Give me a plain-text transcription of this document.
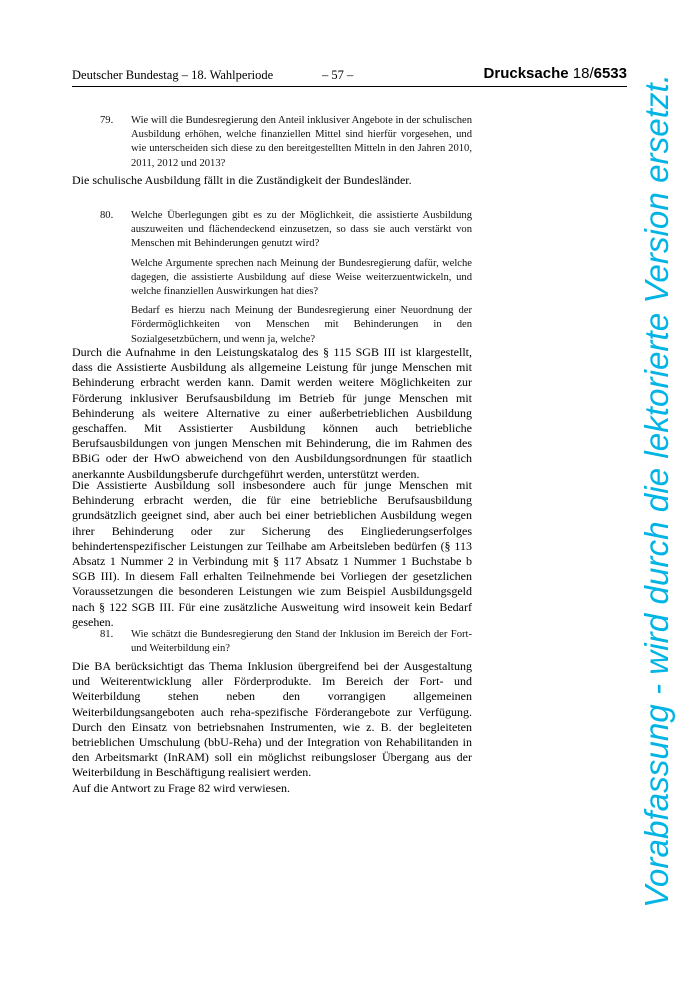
Deutscher Bundestag – 18. Wahlperiode	– 57 –	Drucksache 18/6533
79. Wie will die Bundesregierung den Anteil inklusiver Angebote in der schulischen Ausbildung erhöhen, welche finanziellen Mittel sind hierfür vorgesehen, und wie unterscheiden sich diese zu den bereitgestellten Mitteln in den Jahren 2010, 2011, 2012 und 2013?

Die schulische Ausbildung fällt in die Zuständigkeit der Bundesländer.

80. Welche Überlegungen gibt es zu der Möglichkeit, die assistierte Ausbildung auszuweiten und flächendeckend einzusetzen, so dass sie auch verstärkt von Menschen mit Behinderungen genutzt wird?

Welche Argumente sprechen nach Meinung der Bundesregierung dafür, welche dagegen, die assistierte Ausbildung auf diese Weise weiterzuentwickeln, und welche finanziellen Auswirkungen hat dies?

Bedarf es hierzu nach Meinung der Bundesregierung einer Neuordnung der Fördermöglichkeiten von Menschen mit Behinderungen in den Sozialgesetzbüchern, und wenn ja, welche?

Durch die Aufnahme in den Leistungskatalog des § 115 SGB III ist klargestellt, dass die Assistierte Ausbildung als allgemeine Leistung für junge Menschen mit Behinderung erbracht werden kann. Damit werden weitere Möglichkeiten zur Förderung inklusiver Berufsausbildung im Betrieb für junge Menschen mit Behinderung als weitere Alternative zu einer außerbetrieblichen Ausbildung geschaffen. Mit Assistierter Ausbildung können auch betriebliche Berufsausbildungen von jungen Menschen mit Behinderung, die im Rahmen des BBiG oder der HwO abweichend von den Ausbildungsordnungen für staatlich anerkannte Ausbildungsberufe durchgeführt werden, unterstützt werden.

Die Assistierte Ausbildung soll insbesondere auch für junge Menschen mit Behinderung erbracht werden, die für eine betriebliche Berufsausbildung grundsätzlich geeignet sind, aber auch bei einer betrieblichen Ausbildung wegen ihrer Behinderung oder zur Sicherung des Eingliederungserfolges behindertenspezifischer Leistungen zur Teilhabe am Arbeitsleben bedürfen (§ 113 Absatz 1 Nummer 2 in Verbindung mit § 117 Absatz 1 Nummer 1 Buchstabe b SGB III). In diesem Fall erhalten Teilnehmende bei Vorliegen der gesetzlichen Voraussetzungen die besonderen Leistungen wie zum Beispiel Ausbildungsgeld nach § 122 SGB III. Für eine zusätzliche Ausweitung wird insoweit kein Bedarf gesehen.

81. Wie schätzt die Bundesregierung den Stand der Inklusion im Bereich der Fort- und Weiterbildung ein?

Die BA berücksichtigt das Thema Inklusion übergreifend bei der Ausgestaltung und Weiterentwicklung aller Förderprodukte. Im Bereich der Fort- und Weiterbildung stehen neben den vorrangigen allgemeinen Weiterbildungsangeboten auch reha-spezifische Förderangebote zur Verfügung. Durch den Einsatz von betriebsnahen Instrumenten, wie z. B. der begleiteten betrieblichen Umschulung (bbU-Reha) und der Integration von Rehabilitanden in den Arbeitsmarkt (InRAM) soll ein möglichst reibungsloser Übergang aus der Weiterbildung in Beschäftigung realisiert werden.

Auf die Antwort zu Frage 82 wird verwiesen.	Vorabfassung - wird durch die lektorierte Version ersetzt.
